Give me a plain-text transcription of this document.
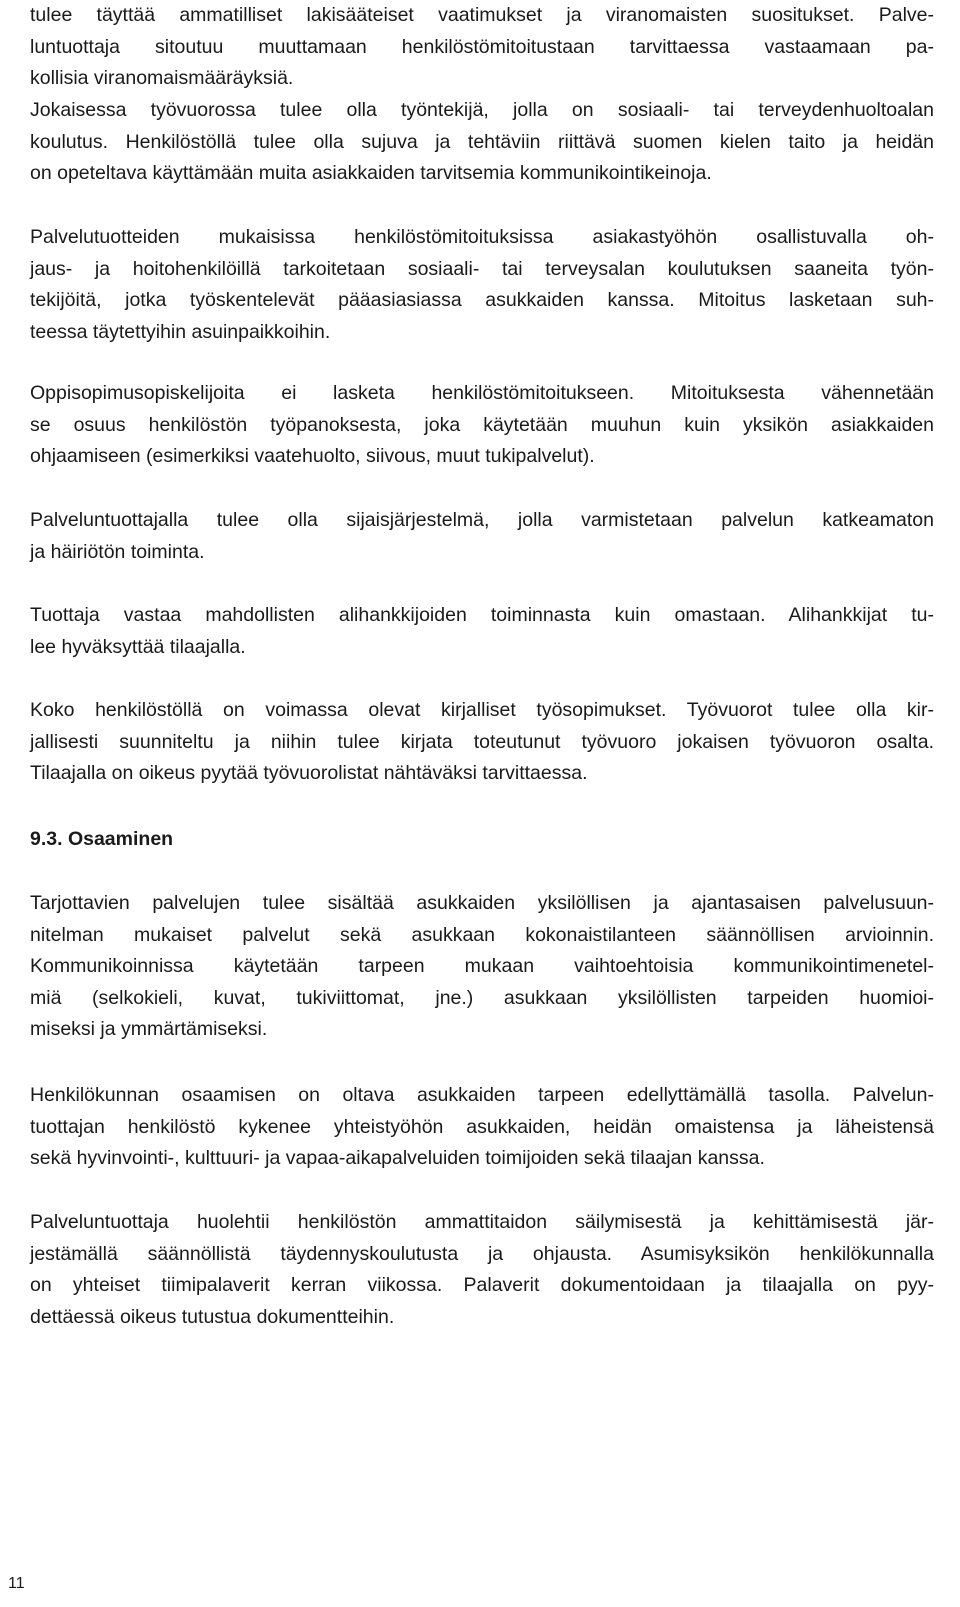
tulee täyttää ammatilliset lakisääteiset vaatimukset ja viranomaisten suositukset. Palve-
luntuottaja sitoutuu muuttamaan henkilöstömitoitustaan tarvittaessa vastaamaan pa-
kollisia viranomaismääräyksiä.
Jokaisessa työvuorossa tulee olla työntekijä, jolla on sosiaali- tai terveydenhuoltoalan
koulutus. Henkilöstöllä tulee olla sujuva ja tehtäviin riittävä suomen kielen taito ja heidän
on opeteltava käyttämään muita asiakkaiden tarvitsemia kommunikointikeinoja.
Palvelutuotteiden mukaisissa henkilöstömitoituksissa asiakastyöhön osallistuvalla oh-
jaus- ja hoitohenkilöillä tarkoitetaan sosiaali- tai terveysalan koulutuksen saaneita työn-
tekijöitä, jotka työskentelevät pääasiasiassa asukkaiden kanssa. Mitoitus lasketaan suh-
teessa täytettyihin asuinpaikkoihin.
Oppisopimusopiskelijoita ei lasketa henkilöstömitoitukseen. Mitoituksesta vähennetään
se osuus henkilöstön työpanoksesta, joka käytetään muuhun kuin yksikön asiakkaiden
ohjaamiseen (esimerkiksi vaatehuolto, siivous, muut tukipalvelut).
Palveluntuottajalla tulee olla sijaisjärjestelmä, jolla varmistetaan palvelun katkeamaton
ja häiriötön toiminta.
Tuottaja vastaa mahdollisten alihankkijoiden toiminnasta kuin omastaan. Alihankkijat tu-
lee hyväksyttää tilaajalla.
Koko henkilöstöllä on voimassa olevat kirjalliset työsopimukset. Työvuorot tulee olla kir-
jallisesti suunniteltu ja niihin tulee kirjata toteutunut työvuoro jokaisen työvuoron osalta.
Tilaajalla on oikeus pyytää työvuorolistat nähtäväksi tarvittaessa.
9.3. Osaaminen
Tarjottavien palvelujen tulee sisältää asukkaiden yksilöllisen ja ajantasaisen palvelusuun-
nitelman mukaiset palvelut sekä asukkaan kokonaistilanteen säännöllisen arvioinnin.
Kommunikoinnissa käytetään tarpeen mukaan vaihtoehtoisia kommunikointimenetel-
miä (selkokieli, kuvat, tukiviittomat, jne.) asukkaan yksilöllisten tarpeiden huomioi-
miseksi ja ymmärtämiseksi.
Henkilökunnan osaamisen on oltava asukkaiden tarpeen edellyttämällä tasolla. Palvelun-
tuottajan henkilöstö kykenee yhteistyöhön asukkaiden, heidän omaistensa ja läheistensä
sekä hyvinvointi-, kulttuuri- ja vapaa-aikapalveluiden toimijoiden sekä tilaajan kanssa.
Palveluntuottaja huolehtii henkilöstön ammattitaidon säilymisestä ja kehittämisestä jär-
jestämällä säännöllistä täydennyskoulutusta ja ohjausta. Asumisyksikön henkilökunnalla
on yhteiset tiimipalaverit kerran viikossa. Palaverit dokumentoidaan ja tilaajalla on pyy-
dettäessä oikeus tutustua dokumentteihin.
11
